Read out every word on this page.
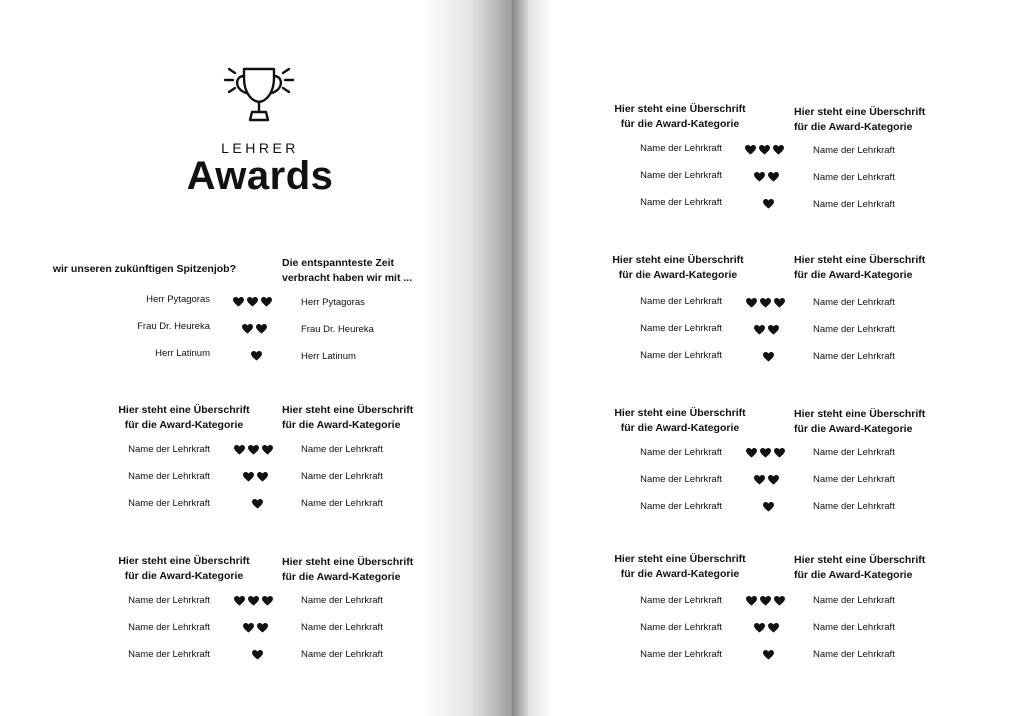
LEHRER
Awards
wir unseren zukünftigen Spitzenjob?	Die entspannteste Zeit
verbracht haben wir mit ...
Herr Pytagoras	Herr Pytagoras
Frau Dr. Heureka	Frau Dr. Heureka
Herr Latinum	Herr Latinum
Hier steht eine Überschrift
für die Award-Kategorie
Hier steht eine Überschrift
für die Award-Kategorie
Name der Lehrkraft	Name der Lehrkraft
Name der Lehrkraft	Name der Lehrkraft
Name der Lehrkraft	Name der Lehrkraft
Hier steht eine Überschrift
für die Award-Kategorie
Hier steht eine Überschrift
für die Award-Kategorie
Name der Lehrkraft	Name der Lehrkraft
Name der Lehrkraft	Name der Lehrkraft
Name der Lehrkraft	Name der Lehrkraft
Hier steht eine Überschrift
für die Award-Kategorie
Hier steht eine Überschrift
für die Award-Kategorie
Name der Lehrkraft	Name der Lehrkraft
Name der Lehrkraft	Name der Lehrkraft
Name der Lehrkraft	Name der Lehrkraft
Hier steht eine Überschrift
für die Award-Kategorie
Hier steht eine Überschrift
für die Award-Kategorie
Name der Lehrkraft	Name der Lehrkraft
Name der Lehrkraft	Name der Lehrkraft
Name der Lehrkraft	Name der Lehrkraft
Hier steht eine Überschrift
für die Award-Kategorie
Hier steht eine Überschrift
für die Award-Kategorie
Name der Lehrkraft	Name der Lehrkraft
Name der Lehrkraft	Name der Lehrkraft
Name der Lehrkraft	Name der Lehrkraft
Hier steht eine Überschrift
für die Award-Kategorie
Hier steht eine Überschrift
für die Award-Kategorie
Name der Lehrkraft	Name der Lehrkraft
Name der Lehrkraft	Name der Lehrkraft
Name der Lehrkraft	Name der Lehrkraft
